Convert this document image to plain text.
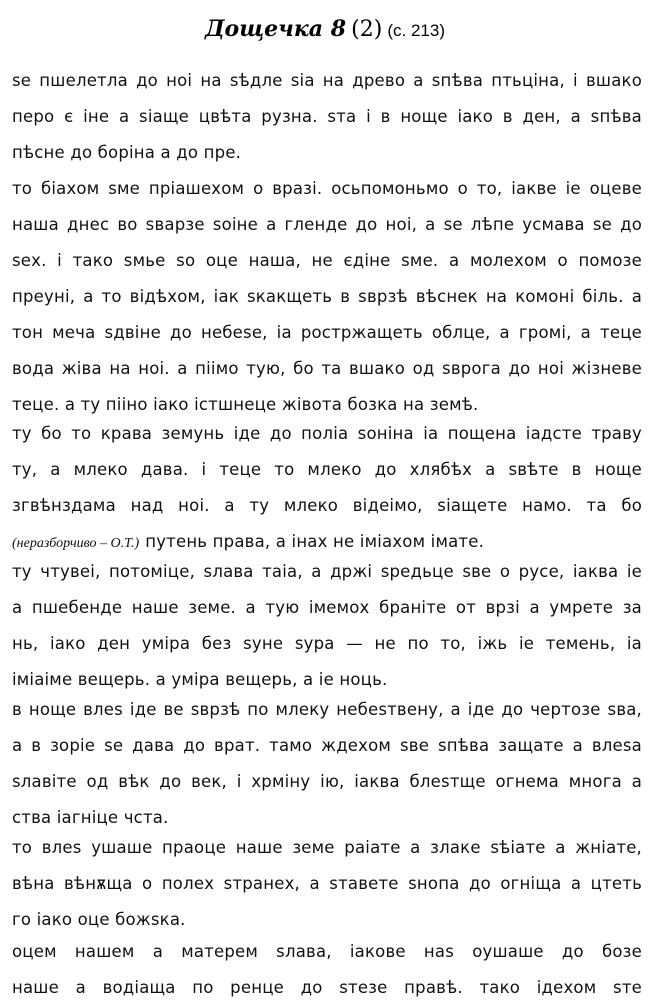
Дощечка 8 (2) (с. 213)
ѕе пшелетла до ноі на ѕѣдле ѕіа на древо а ѕпѣва птьціна, і вшако
перо є іне а ѕіаще цвѣта рузна. ѕта і в ноще іако в ден, а ѕпѣва
пѣсне до боріна а до пре.
то біахом ѕме пріашехом о вразі. осьпомоньмо о то, іакве іе оцеве
наша днес во ѕварзе ѕоіне а гленде до ноі, а ѕе лѣпе усмава ѕе до
ѕех. і тако ѕмье ѕо оце наша, не єдіне ѕме. а молехом о помозе
преуні, а то відѣхом, іак ѕкакщеть в ѕврзѣ вѣснек на комоні біль. а
тон меча ѕдвіне до небеѕе, іа ростржащеть облце, а громі, а теце
вода жіва на ноі. а піімо тую, бо та вшако од ѕврога до ноі жізневе
теце. а ту пііно іако істшнеце жівота бозка на земѣ.
ту бо то крава земунь іде до поліа ѕоніна іа пощена іадсте траву
ту, а млеко дава. і теце то млеко до хлябѣх а ѕвѣте в ноще
згвѣнздама над ноі. а ту млеко відеімо, ѕіащете намо. та бо
(неразборчиво – О.Т.) путень права, а інах не іміахом імате.
ту чтувеі, потоміце, ѕлава таіа, а држі ѕредьце ѕве о русе, іаква іе
а пшебенде наше земе. а тую імемох браніте от врзі а умрете за
нь, іако ден уміра без ѕуне ѕура — не по то, іжь іе темень, іа
іміаіме вещерь. а уміра вещерь, а іе ноць.
в ноще влеѕ іде ве ѕврзѣ по млеку небеѕтвену, а іде до чертозе ѕва,
а в зоріе ѕе дава до врат. тамо ждехом ѕве ѕпѣва защате а влеѕа
ѕлавіте од вѣк до век, і хрміну ію, іаква блеѕтще огнема многа а
ства іагніце чста.
то влеѕ ушаше праоце наше земе раіате а злаке ѕѣіате а жніате,
вѣна вѣнѫща о полех ѕтранех, а ѕтавете ѕнопа до огніща а цтеть
го іако оце божѕка.
оцем нашем а матерем ѕлава, іакове наѕ оушаше до бозе
наше а водіаща по ренце до ѕтезе правѣ. тако ідехом ѕте
